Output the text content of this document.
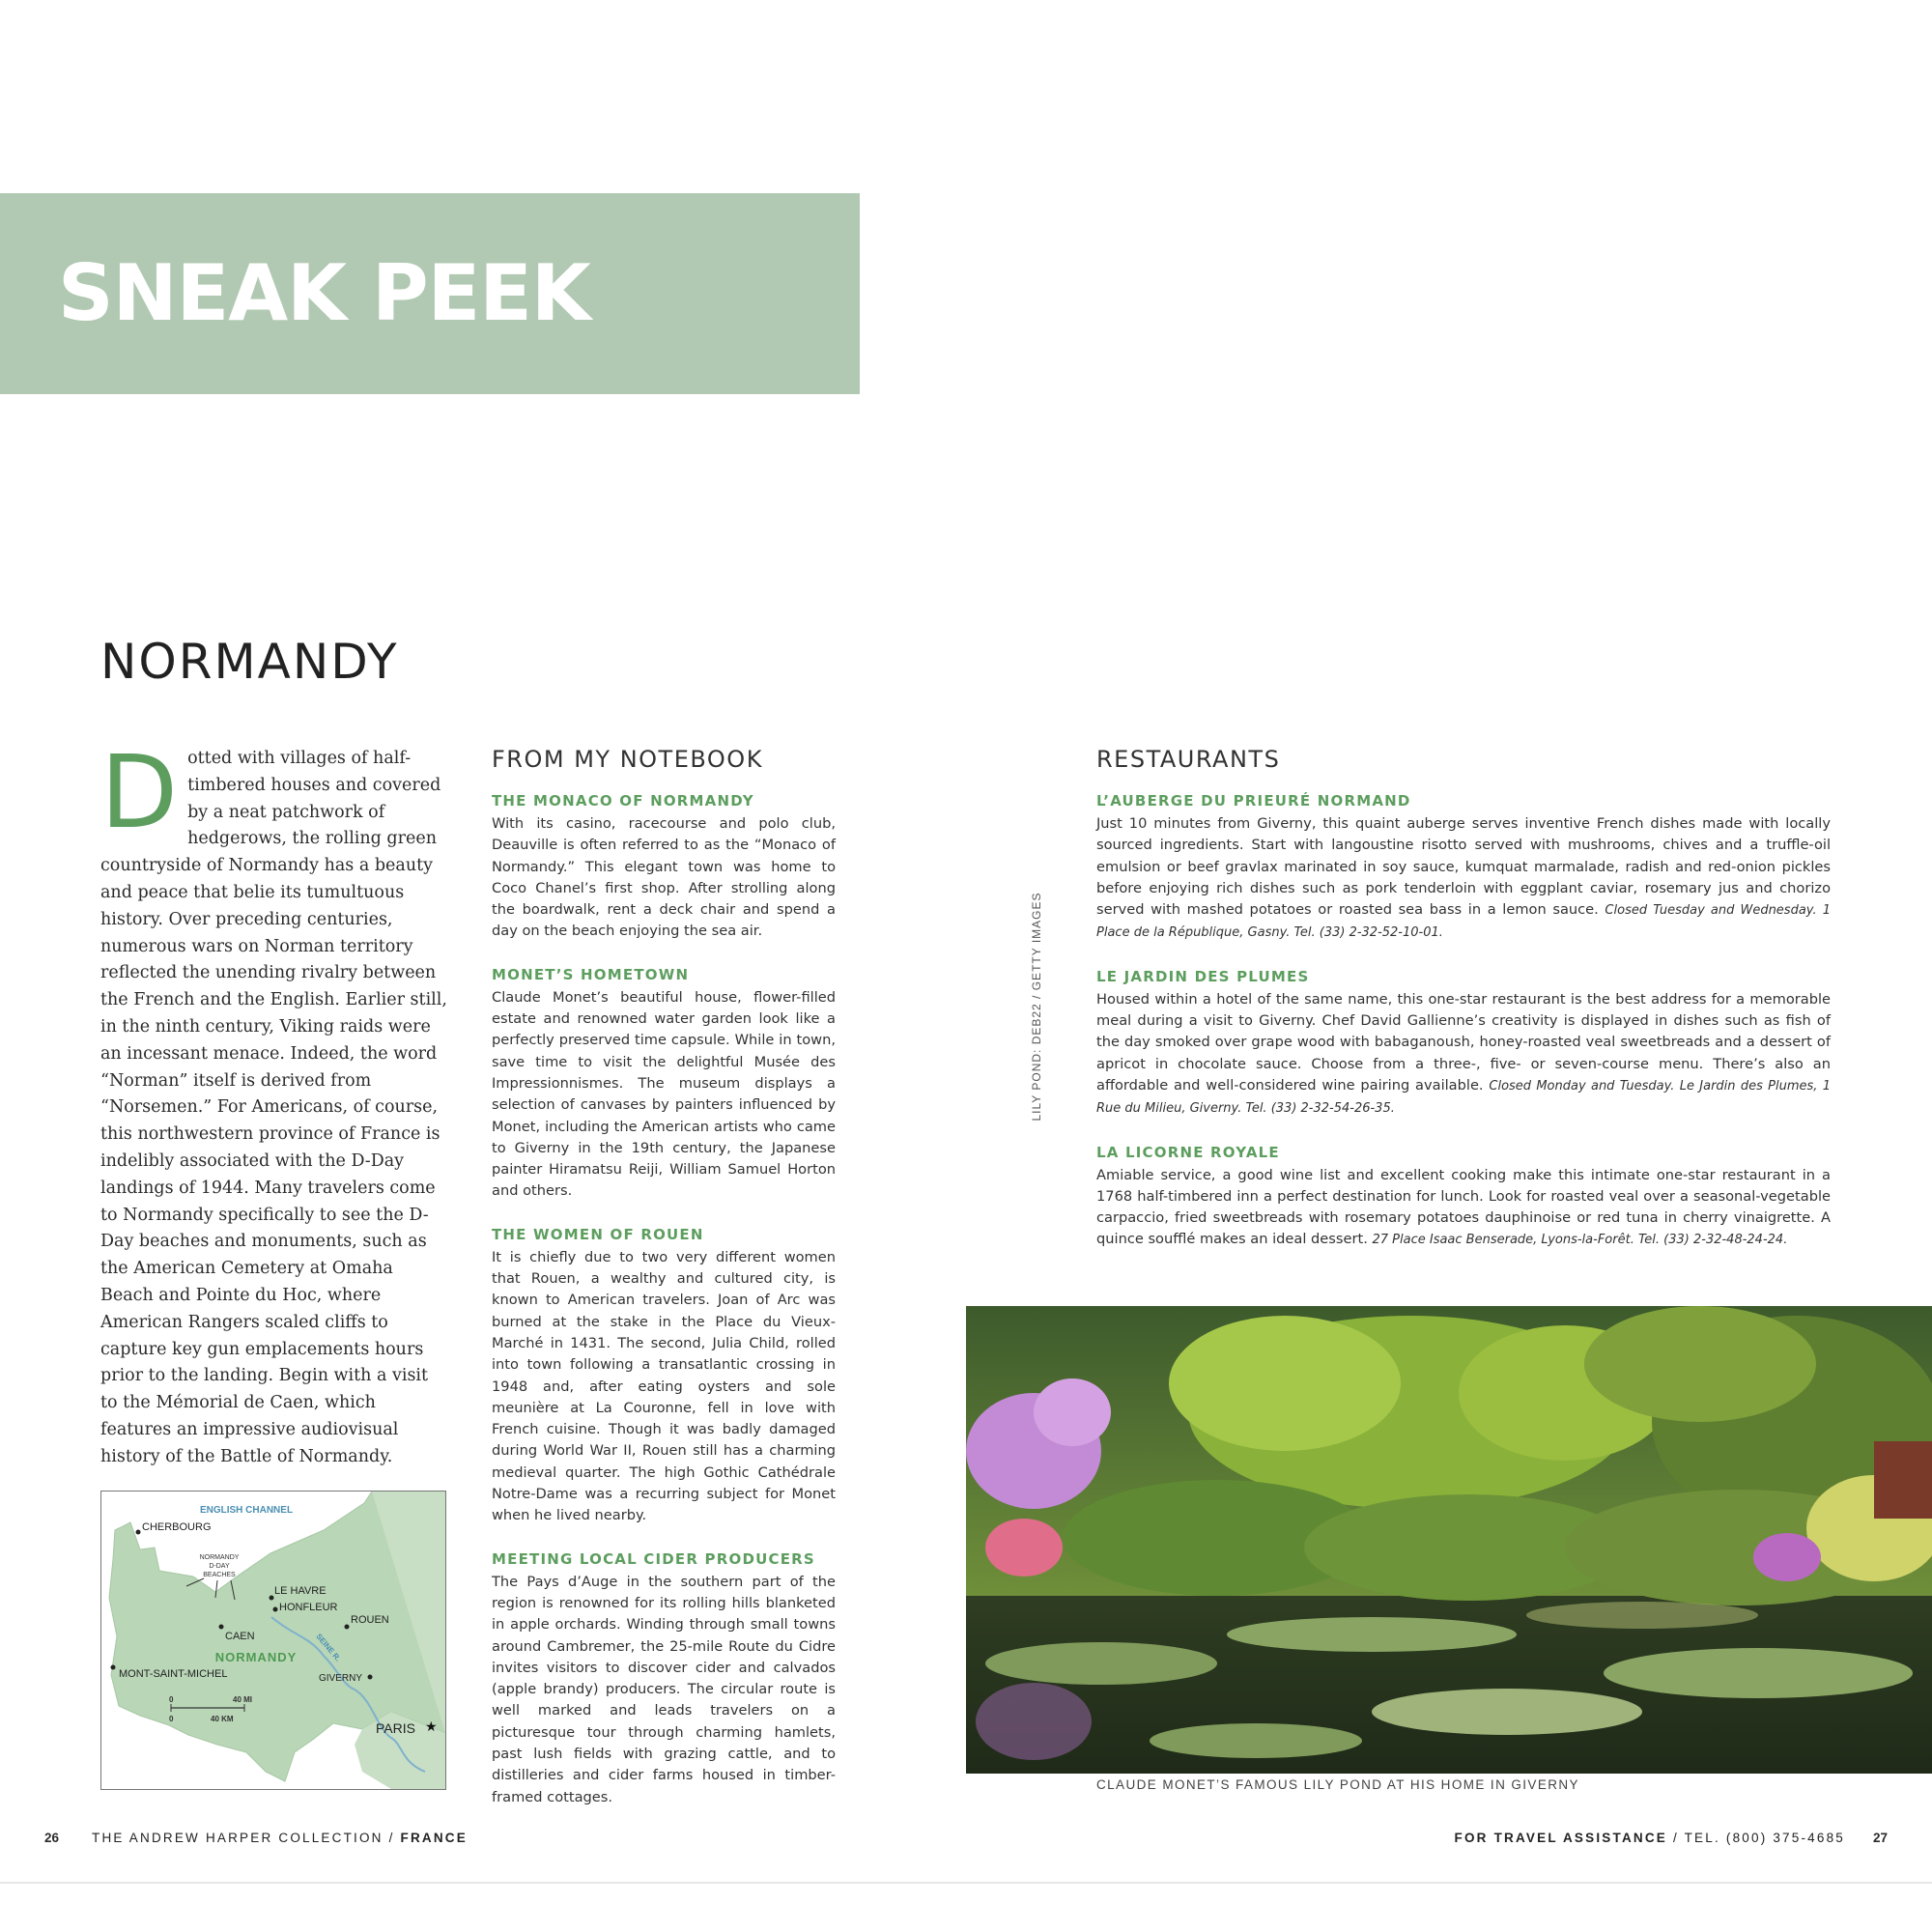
SNEAK PEEK INSIDE
NORMANDY
D otted with villages of half-timbered houses and covered by a neat patchwork of hedgerows, the rolling green countryside of Normandy has a beauty and peace that belie its tumultuous history. Over preceding centuries, numerous wars on Norman territory reflected the unending rivalry between the French and the English. Earlier still, in the ninth century, Viking raids were an incessant menace. Indeed, the word “Norman” itself is derived from “Norsemen.” For Americans, of course, this northwestern province of France is indelibly associated with the D-Day landings of 1944. Many travelers come to Normandy specifically to see the D-Day beaches and monuments, such as the American Cemetery at Omaha Beach and Pointe du Hoc, where American Rangers scaled cliffs to capture key gun emplacements hours prior to the landing. Begin with a visit to the Mémorial de Caen, which features an impressive audiovisual history of the Battle of Normandy.

ENGLISH CHANNEL
CHERBOURG
NORMANDY
D-DAY
BEACHES
LE HAVRE
HONFLEUR
ROUEN
CAEN
NORMANDY SEINE R.
MONT-SAINT-MICHEL	GIVERNY
0	40 MI
0	40 KM
PARIS ★
FROM MY NOTEBOOK

THE MONACO OF NORMANDY

With its casino, racecourse and polo club, Deauville is often referred to as the “Monaco of Normandy.” This elegant town was home to Coco Chanel’s first shop. After strolling along the boardwalk, rent a deck chair and spend a day on the beach enjoying the sea air.

MONET’S HOMETOWN

Claude Monet’s beautiful house, flower-filled estate and renowned water garden look like a perfectly preserved time capsule. While in town, save time to visit the delightful Musée des Impressionnismes. The museum displays a selection of canvases by painters influenced by Monet, including the American artists who came to Giverny in the 19th century, the Japanese painter Hiramatsu Reiji, William Samuel Horton and others.

THE WOMEN OF ROUEN

It is chiefly due to two very different women that Rouen, a wealthy and cultured city, is known to American travelers. Joan of Arc was burned at the stake in the Place du Vieux-Marché in 1431. The second, Julia Child, rolled into town following a transatlantic crossing in 1948 and, after eating oysters and sole meunière at La Couronne, fell in love with French cuisine. Though it was badly damaged during World War II, Rouen still has a charming medieval quarter. The high Gothic Cathédrale Notre-Dame was a recurring subject for Monet when he lived nearby.

MEETING LOCAL CIDER PRODUCERS

The Pays d’Auge in the southern part of the region is renowned for its rolling hills blanketed in apple orchards. Winding through small towns around Cambremer, the 25-mile Route du Cidre invites visitors to discover cider and calvados (apple brandy) producers. The circular route is well marked and leads travelers on a picturesque tour through charming hamlets, past lush fields with grazing cattle, and to distilleries and cider farms housed in timber-framed cottages.

RESTAURANTS

L’AUBERGE DU PRIEURÉ NORMAND

Just 10 minutes from Giverny, this quaint auberge serves inventive French dishes made with locally sourced ingredients. Start with langoustine risotto served with mushrooms, chives and a truffle-oil emulsion or beef gravlax marinated in soy sauce, kumquat marmalade, radish and red-onion pickles before enjoying rich dishes such as pork tenderloin with eggplant caviar, rosemary jus and chorizo served with mashed potatoes or roasted sea bass in a lemon sauce. Closed Tuesday and Wednesday. 1 Place de la République, Gasny. Tel. (33) 2-32-52-10-01.

LE JARDIN DES PLUMES

Housed within a hotel of the same name, this one-star restaurant is the best address for a memorable meal during a visit to Giverny. Chef David Gallienne’s creativity is displayed in dishes such as fish of the day smoked over grape wood with babaganoush, honey-roasted veal sweetbreads and a dessert of apricot in chocolate sauce. Choose from a three-, five- or seven-course menu. There’s also an affordable and well-considered wine pairing available. Closed Monday and Tuesday. Le Jardin des Plumes, 1 Rue du Milieu, Giverny. Tel. (33) 2-32-54-26-35.

LA LICORNE ROYALE

Amiable service, a good wine list and excellent cooking make this intimate one-star restaurant in a 1768 half-timbered inn a perfect destination for lunch. Look for roasted veal over a seasonal-vegetable carpaccio, fried sweetbreads with rosemary potatoes dauphinoise or red tuna in cherry vinaigrette. A quince soufflé makes an ideal dessert. 27 Place Isaac Benserade, Lyons-la-Forêt. Tel. (33) 2-32-48-24-24.

LILY POND: DEB22 / GETTY IMAGES

CLAUDE MONET’S FAMOUS LILY POND AT HIS HOME IN GIVERNY

26	THE ANDREW HARPER COLLECTION / FRANCE	FOR TRAVEL ASSISTANCE / TEL. (800) 375-4685 27
